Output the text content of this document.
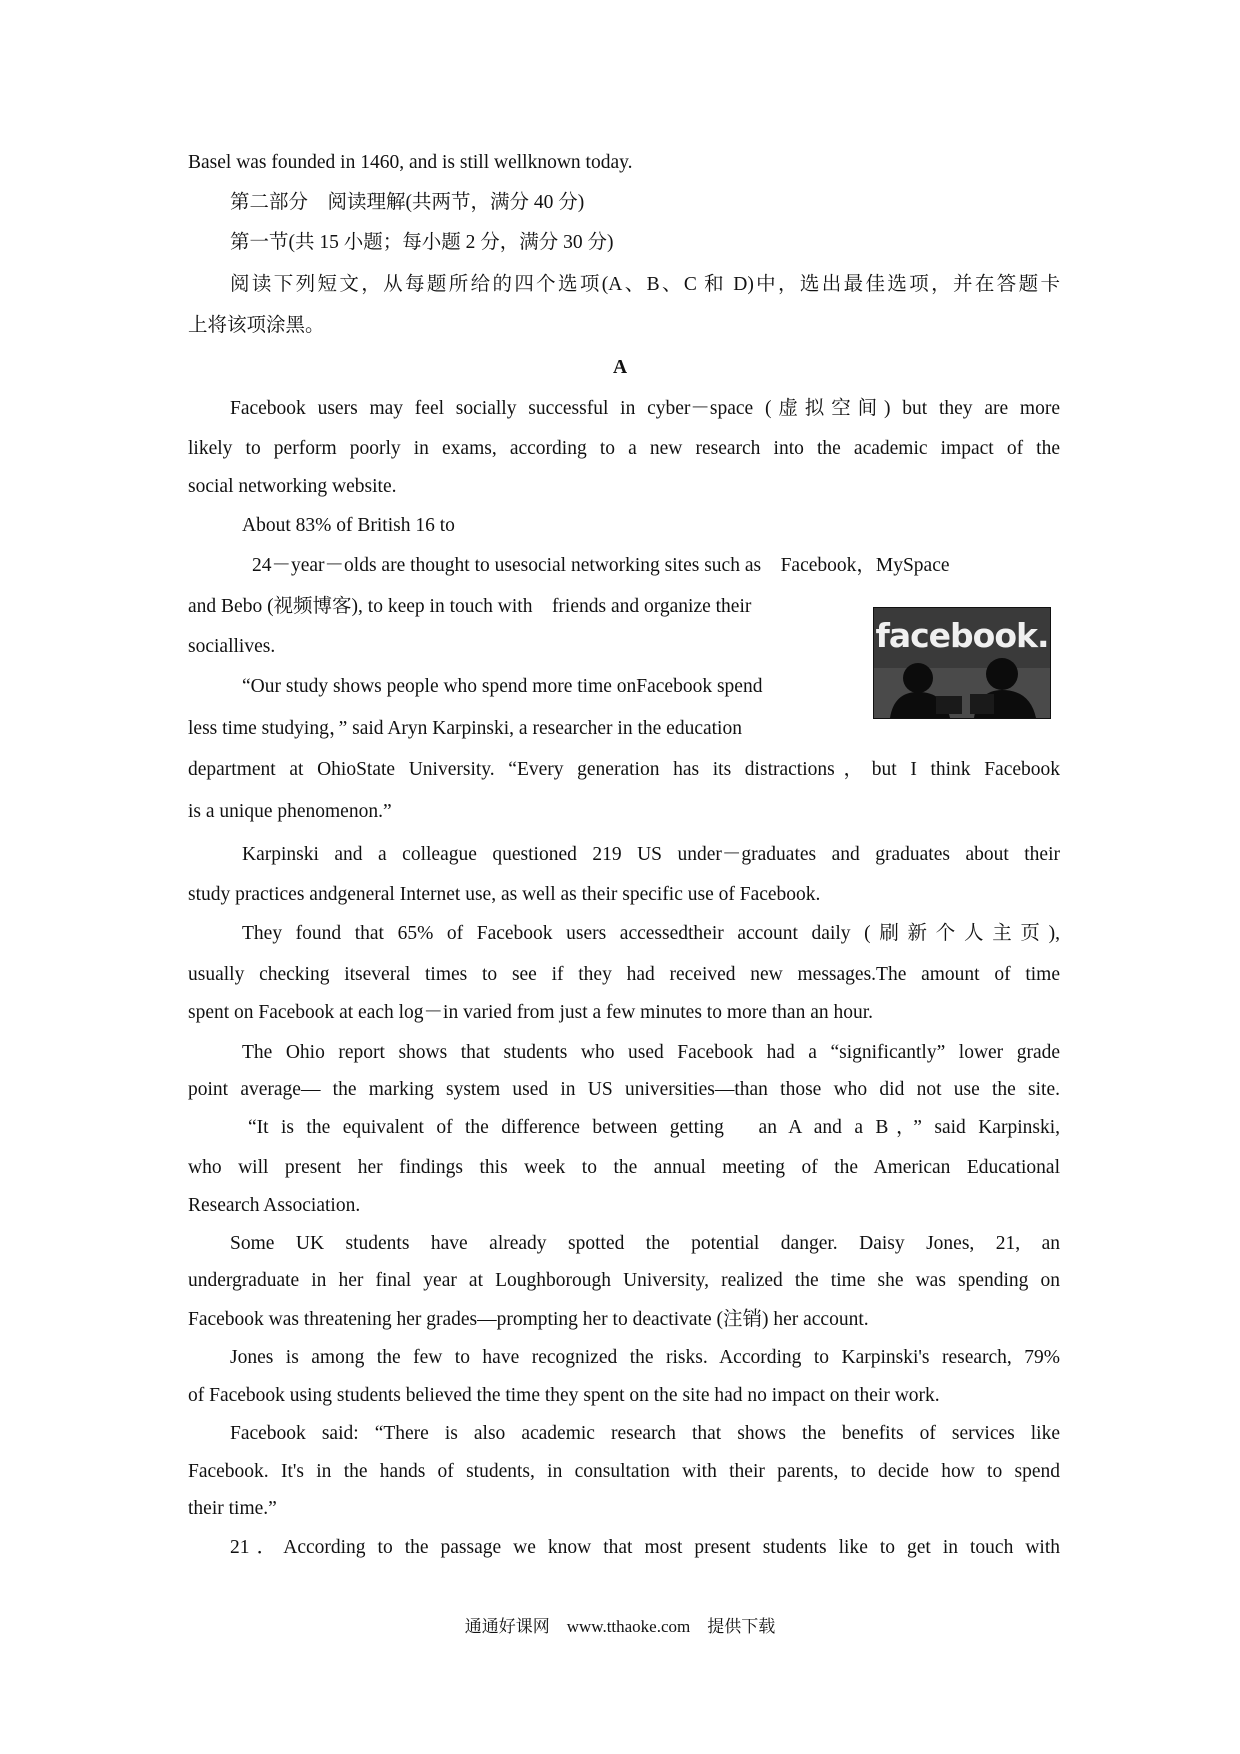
Basel was founded in 1460, and is still wellknown today.
第二部分　阅读理解(共两节，满分 40 分)
第一节(共 15 小题；每小题 2 分，满分 30 分)
阅读下列短文，从每题所给的四个选项(A、B、C 和 D)中，选出最佳选项，并在答题卡
上将该项涂黑。
A
Facebook users may feel socially successful in cyber－space (虚拟空间) but they are more
likely to perform poorly in exams, according to a new research into the academic impact of the
social networking website.
About 83% of British 16 to
24－year－olds are thought to usesocial networking sites such as　Facebook，MySpace
and Bebo (视频博客), to keep in touch with　friends and organize their
sociallives.	facebook.
“Our study shows people who spend more time onFacebook spend
less time studying，” said Aryn Karpinski, a researcher in the education
department at OhioState University. “Every generation has its distractions，but I think Facebook
is a unique phenomenon.”
Karpinski and a colleague questioned 219 US under－graduates and graduates about their
study practices andgeneral Internet use, as well as their specific use of Facebook.
They found that 65% of Facebook users accessedtheir account daily (刷新个人主页),
usually checking itseveral times to see if they had received new messages.The amount of time
spent on Facebook at each log－in varied from just a few minutes to more than an hour.
The Ohio report shows that students who used Facebook had a “significantly” lower grade
point average— the marking system used in US universities—than those who did not use the site.
“It is the equivalent of the difference between getting　an A and a B，” said Karpinski,
who will present her findings this week to the annual meeting of the American Educational
Research Association.
Some UK students have already spotted the potential danger. Daisy Jones, 21, an
undergraduate in her final year at Loughborough University, realized the time she was spending on
Facebook was threatening her grades—prompting her to deactivate (注销) her account.
Jones is among the few to have recognized the risks. According to Karpinski's research, 79%
of Facebook using students believed the time they spent on the site had no impact on their work.
Facebook said: “There is also academic research that shows the benefits of services like
Facebook. It's in the hands of students, in consultation with their parents, to decide how to spend
their time.”
21．According to the passage we know that most present students like to get in touch with
通通好课网　www.tthaoke.com　提供下载
